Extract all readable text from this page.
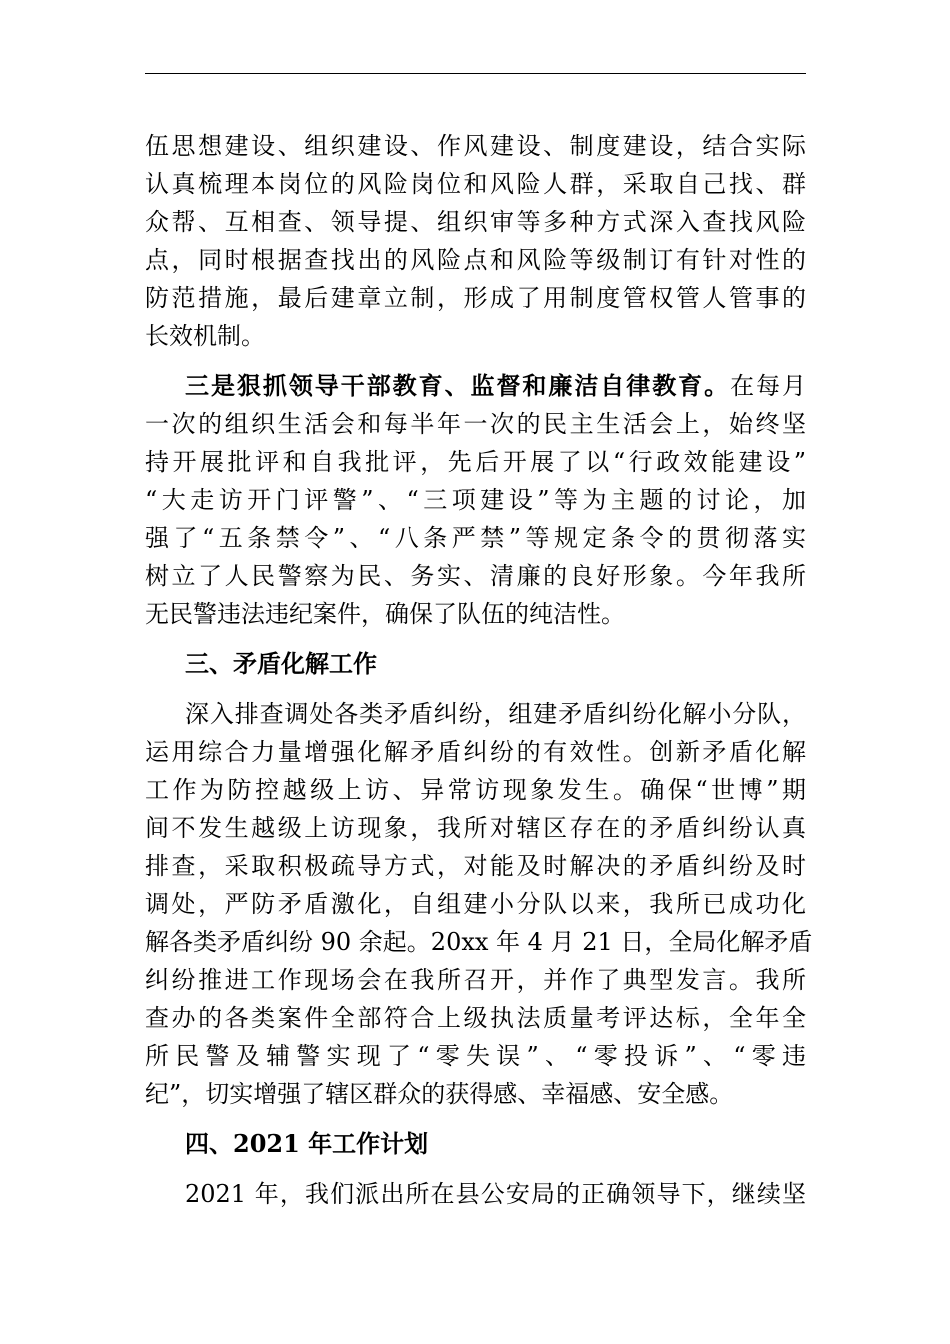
伍思想建设、组织建设、作风建设、制度建设，结合实际
认真梳理本岗位的风险岗位和风险人群，采取自己找、群
众帮、互相查、领导提、组织审等多种方式深入查找风险
点，同时根据查找出的风险点和风险等级制订有针对性的
防范措施，最后建章立制，形成了用制度管权管人管事的
长效机制。
三是狠抓领导干部教育、监督和廉洁自律教育。在每月
一次的组织生活会和每半年一次的民主生活会上，始终坚
持开展批评和自我批评，先后开展了以“行政效能建设”
“大走访开门评警”、“三项建设”等为主题的讨论，加
强了“五条禁令”、“八条严禁”等规定条令的贯彻落实
树立了人民警察为民、务实、清廉的良好形象。今年我所
无民警违法违纪案件，确保了队伍的纯洁性。
三、矛盾化解工作
深入排查调处各类矛盾纠纷，组建矛盾纠纷化解小分队，
运用综合力量增强化解矛盾纠纷的有效性。创新矛盾化解
工作为防控越级上访、异常访现象发生。确保“世博”期
间不发生越级上访现象，我所对辖区存在的矛盾纠纷认真
排查，采取积极疏导方式，对能及时解决的矛盾纠纷及时
调处，严防矛盾激化，自组建小分队以来，我所已成功化
解各类矛盾纠纷 90 余起。20xx 年 4 月 21 日，全局化解矛盾
纠纷推进工作现场会在我所召开，并作了典型发言。我所
查办的各类案件全部符合上级执法质量考评达标，全年全
所民警及辅警实现了“零失误”、“零投诉”、“零违
纪”，切实增强了辖区群众的获得感、幸福感、安全感。
四、2021 年工作计划
2021 年，我们派出所在县公安局的正确领导下，继续坚
